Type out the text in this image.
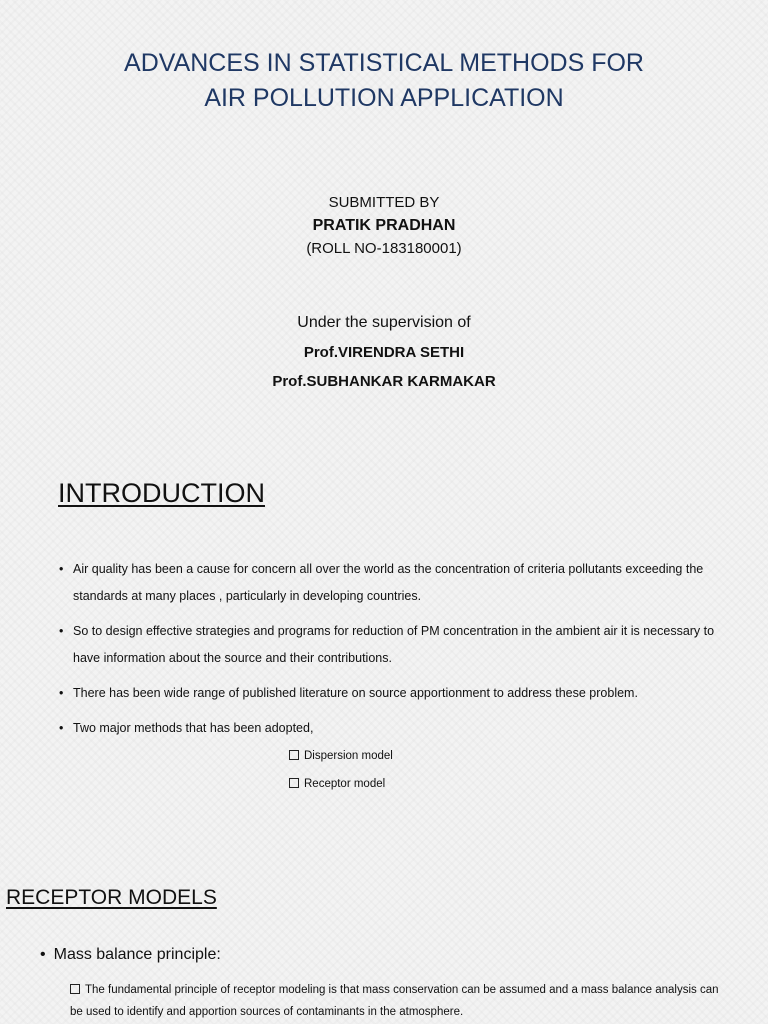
ADVANCES IN STATISTICAL METHODS FOR
AIR POLLUTION APPLICATION
SUBMITTED BY
PRATIK PRADHAN
(ROLL NO-183180001)
Under the supervision of
Prof.VIRENDRA SETHI
Prof.SUBHANKAR KARMAKAR
INTRODUCTION
• Air quality has been a cause for concern all over the world as the concentration of criteria pollutants exceeding the standards at many places , particularly in developing countries.
• So to design effective strategies and programs for reduction of PM concentration in the ambient air it is necessary to have information about the source and their contributions.
• There has been wide range of published literature on source apportionment to address these problem.
• Two major methods that has been adopted,
Dispersion model
Receptor model
RECEPTOR MODELS
• Mass balance principle:
The fundamental principle of receptor modeling is that mass conservation can be assumed and a mass balance analysis can be used to identify and apportion sources of contaminants in the atmosphere.
